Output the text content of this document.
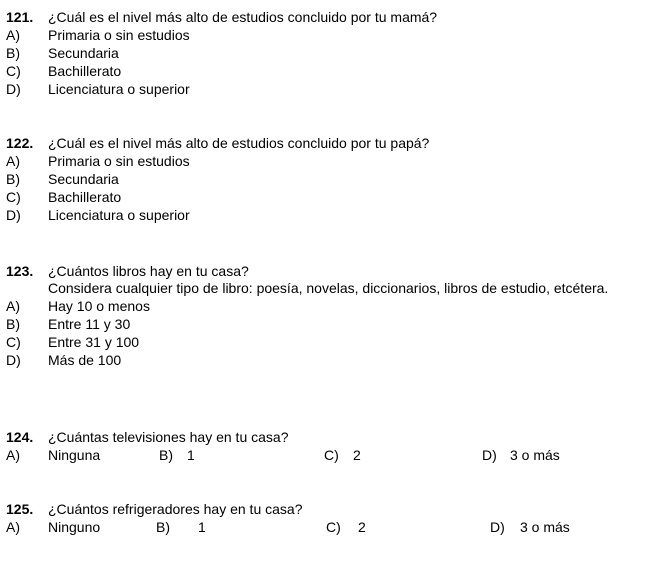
121. ¿Cuál es el nivel más alto de estudios concluido por tu mamá?
A) Primaria o sin estudios
B) Secundaria
C) Bachillerato
D) Licenciatura o superior
122. ¿Cuál es el nivel más alto de estudios concluido por tu papá?
A) Primaria o sin estudios
B) Secundaria
C) Bachillerato
D) Licenciatura o superior
123. ¿Cuántos libros hay en tu casa?
Considera cualquier tipo de libro: poesía, novelas, diccionarios, libros de estudio, etcétera.
A) Hay 10 o menos
B) Entre 11 y 30
C) Entre 31 y 100
D) Más de 100
124. ¿Cuántas televisiones hay en tu casa?
A) Ninguna	B) 1	C) 2	D) 3 o más
125. ¿Cuántos refrigeradores hay en tu casa?
A) Ninguno	B) 1	C) 2	D) 3 o más
